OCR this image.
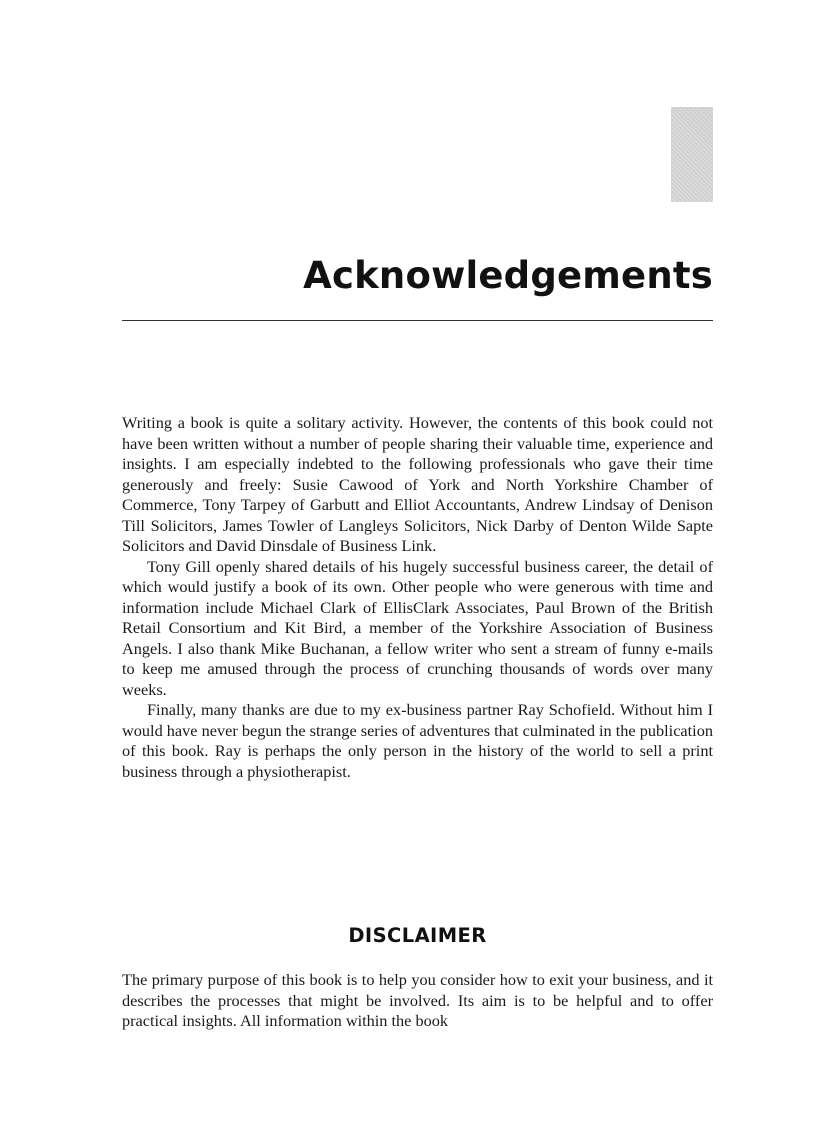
Acknowledgements

Writing a book is quite a solitary activity. However, the contents of this book could not have been written without a number of people sharing their valuable time, experience and insights. I am especially indebted to the following professionals who gave their time generously and freely: Susie Cawood of York and North Yorkshire Chamber of Commerce, Tony Tarpey of Garbutt and Elliot Accountants, Andrew Lindsay of Denison Till Solicitors, James Towler of Langleys Solicitors, Nick Darby of Denton Wilde Sapte Solicitors and David Dinsdale of Business Link.

Tony Gill openly shared details of his hugely successful business career, the detail of which would justify a book of its own. Other people who were generous with time and information include Michael Clark of EllisClark Associates, Paul Brown of the British Retail Consortium and Kit Bird, a member of the Yorkshire Association of Business Angels. I also thank Mike Buchanan, a fellow writer who sent a stream of funny e-mails to keep me amused through the process of crunching thousands of words over many weeks.

Finally, many thanks are due to my ex-business partner Ray Schofield. Without him I would have never begun the strange series of adventures that culminated in the publication of this book. Ray is perhaps the only person in the history of the world to sell a print business through a physiotherapist.

DISCLAIMER

The primary purpose of this book is to help you consider how to exit your business, and it describes the processes that might be involved. Its aim is to be helpful and to offer practical insights. All information within the book
